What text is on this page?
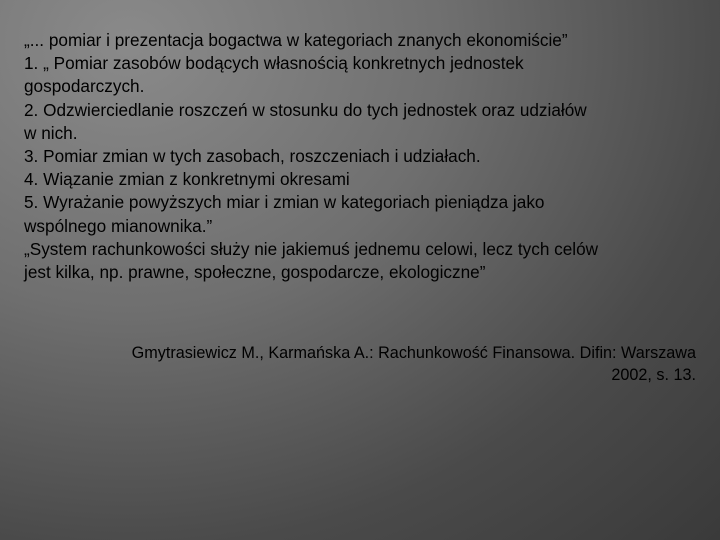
„... pomiar i prezentacja bogactwa w kategoriach znanych ekonomiście”
1. „ Pomiar zasobów bodących własnością konkretnych jednostek
gospodarczych.
2. Odzwierciedlanie roszczeń w stosunku do tych jednostek oraz udziałów
w nich.
3. Pomiar zmian w tych zasobach, roszczeniach i udziałach.
4. Wiązanie zmian z konkretnymi okresami
5. Wyrażanie powyższych miar i zmian w kategoriach pieniądza jako
wspólnego mianownika.”
„System rachunkowości służy nie jakiemuś jednemu celowi, lecz tych celów
jest kilka, np. prawne, społeczne, gospodarcze, ekologiczne”
Gmytrasiewicz M., Karmańska A.: Rachunkowość Finansowa. Difin: Warszawa
2002, s. 13.
